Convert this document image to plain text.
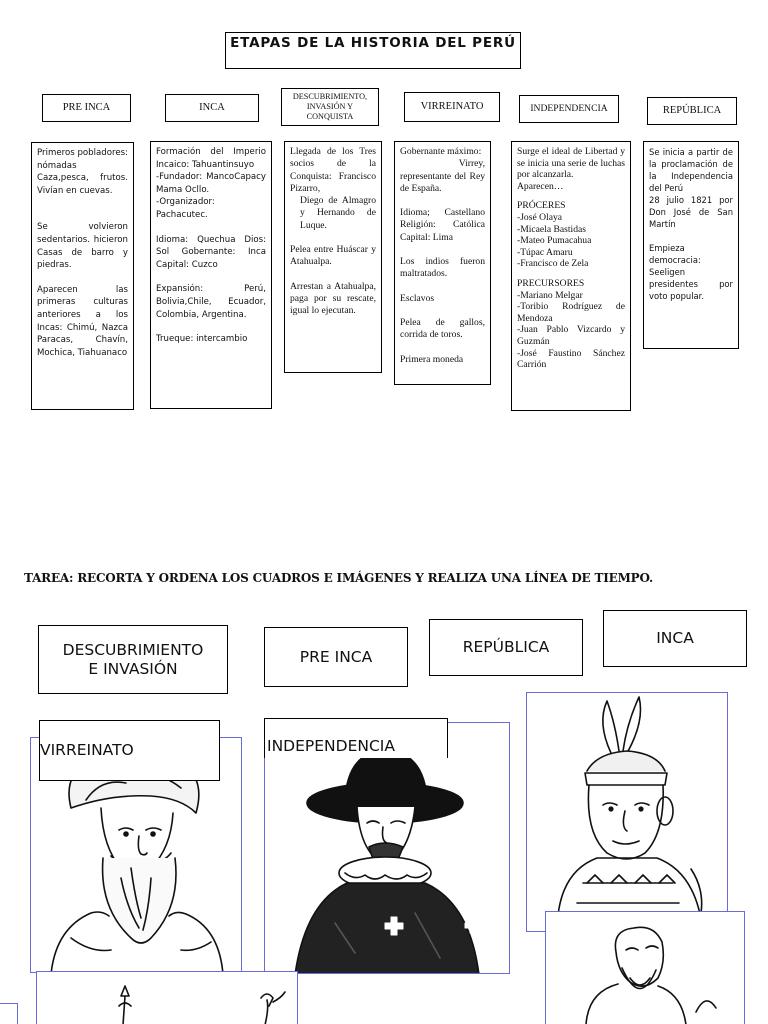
ETAPAS DE LA HISTORIA DEL PERÚ
PRE INCA	INCA
DESCUBRIMIENTO,
INVASIÓN Y
CONQUISTA
VIRREINATO	INDEPENDENCIA	REPÚBLICA

Primeros pobladores: nómadas Caza,pesca, frutos. Vivían en cuevas.

Se volvieron sedentarios. hicieron Casas de barro y piedras.

Aparecen las primeras culturas anteriores a los Incas: Chimú, Nazca Paracas, Chavín, Mochica, Tiahuanaco

Formación del Imperio Incaico: Tahuantinsuyo

-Fundador: MancoCapacy Mama Ocllo.

-Organizador: Pachacutec.

Idioma: Quechua Dios: Sol Gobernante: Inca Capital: Cuzco

Expansión: Perú, Bolivia,Chile, Ecuador, Colombia, Argentina.

Trueque: intercambio

Llegada de los Tres socios de la Conquista: Francisco Pizarro,

Diego de Almagro y Hernando de Luque.

Pelea entre Huáscar y Atahualpa.

Arrestan a Atahualpa, paga por su rescate, igual lo ejecutan.

Gobernante máximo:

Virrey,

representante del Rey de España.

Idioma; Castellano Religión: Católica Capital: Lima

Los indios fueron maltratados.

Esclavos

Pelea de gallos, corrida de toros.

Primera moneda

Surge el ideal de Libertad y se inicia una serie de luchas por alcanzarla.

Aparecen…

PRÓCERES

-José Olaya

-Micaela Bastidas

-Mateo Pumacahua

-Túpac Amaru

-Francisco de Zela

PRECURSORES

-Mariano Melgar

-Toribio Rodríguez de Mendoza

-Juan Pablo Vizcardo y Guzmán

-José Faustino Sánchez Carrión

Se inicia a partir de la proclamación de la Independencia del Perú

28 julio 1821 por Don José de San Martín

Empieza democracia: Seeligen presidentes por voto popular.

TAREA: RECORTA Y ORDENA LOS CUADROS E IMÁGENES Y REALIZA UNA LÍNEA DE TIEMPO.
DESCUBRIMIENTO
E INVASIÓN
PRE INCA
REPÚBLICA	INCA
VIRREINATO	INDEPENDENCIA
